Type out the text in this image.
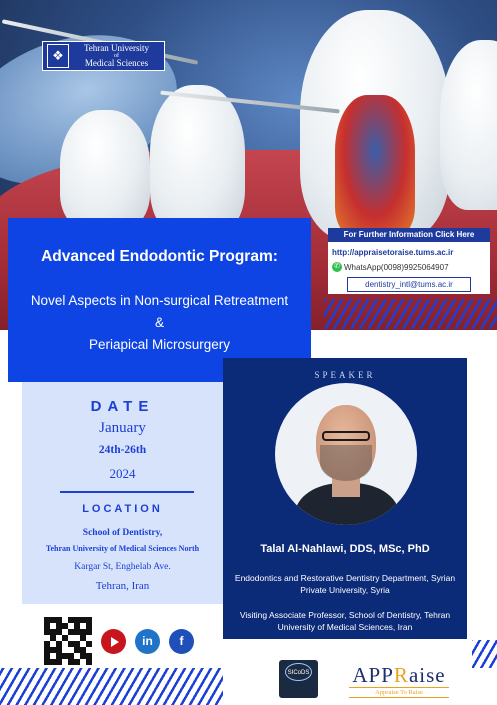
❖	Tehran University
of
Medical Sciences
Advanced Endodontic Program:
Novel Aspects in Non-surgical Retreatment
&
Periapical Microsurgery
For Further Information Click Here
http://appraisetoraise.tums.ac.ir
✆ WhatsApp(0098)9925064907
dentistry_intl@tums.ac.ir
DATE
January
24th-26th
2024
LOCATION
School of Dentistry,
Tehran University of Medical Sciences North
Kargar St, Enghelab Ave.
Tehran, Iran
SPEAKER
Talal Al-Nahlawi, DDS, MSc, PhD
Endodontics and Restorative Dentistry Department, Syrian Private University, Syria
Visiting Associate Professor, School of Dentistry, Tehran University of Medical Sciences, Iran
in	f
SICoDS	APPRaise
Appraise To Raise
